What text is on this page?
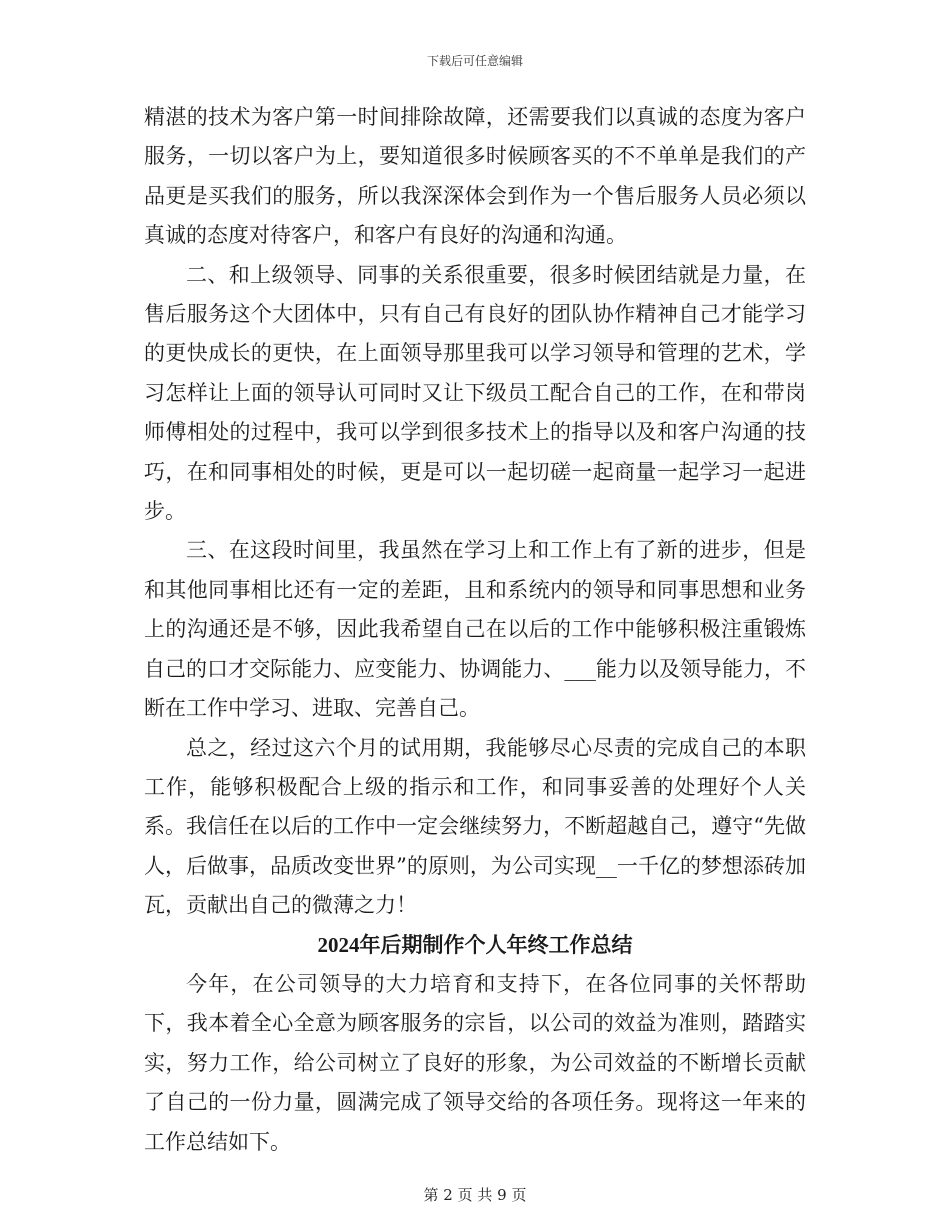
下载后可任意编辑

精湛的技术为客户第一时间排除故障，还需要我们以真诚的态度为客户服务，一切以客户为上，要知道很多时候顾客买的不不单单是我们的产品更是买我们的服务，所以我深深体会到作为一个售后服务人员必须以真诚的态度对待客户，和客户有良好的沟通和沟通。

二、和上级领导、同事的关系很重要，很多时候团结就是力量，在售后服务这个大团体中，只有自己有良好的团队协作精神自己才能学习的更快成长的更快，在上面领导那里我可以学习领导和管理的艺术，学习怎样让上面的领导认可同时又让下级员工配合自己的工作，在和带岗师傅相处的过程中，我可以学到很多技术上的指导以及和客户沟通的技巧，在和同事相处的时候，更是可以一起切磋一起商量一起学习一起进步。

三、在这段时间里，我虽然在学习上和工作上有了新的进步，但是和其他同事相比还有一定的差距，且和系统内的领导和同事思想和业务上的沟通还是不够，因此我希望自己在以后的工作中能够积极注重锻炼自己的口才交际能力、应变能力、协调能力、___能力以及领导能力，不断在工作中学习、进取、完善自己。

总之，经过这六个月的试用期，我能够尽心尽责的完成自己的本职工作，能够积极配合上级的指示和工作，和同事妥善的处理好个人关系。我信任在以后的工作中一定会继续努力，不断超越自己，遵守“先做人，后做事，品质改变世界”的原则，为公司实现__一千亿的梦想添砖加瓦，贡献出自己的微薄之力！

2024年后期制作个人年终工作总结

今年，在公司领导的大力培育和支持下，在各位同事的关怀帮助下，我本着全心全意为顾客服务的宗旨，以公司的效益为准则，踏踏实实，努力工作，给公司树立了良好的形象，为公司效益的不断增长贡献了自己的一份力量，圆满完成了领导交给的各项任务。现将这一年来的工作总结如下。

第 2 页 共 9 页
